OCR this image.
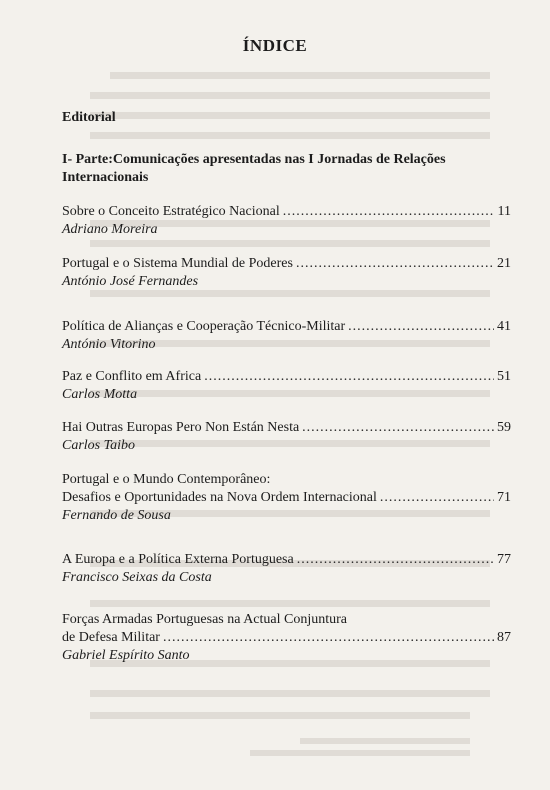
ÍNDICE
Editorial
I- Parte:Comunicações apresentadas nas I Jornadas de Relações Internacionais
Sobre o Conceito Estratégico Nacional .....	11
Adriano Moreira
Portugal e o Sistema Mundial de Poderes .....	21
António José Fernandes
Política de Alianças e Cooperação Técnico-Militar .....	41
António Vitorino
Paz e Conflito em Africa .....	51
Carlos Motta
Hai Outras Europas Pero Non Están Nesta .....	59
Carlos Taibo
Portugal e o Mundo Contemporâneo:
Desafios e Oportunidades na Nova Ordem Internacional .....	71
Fernando de Sousa
A Europa e a Política Externa Portuguesa .....	77
Francisco Seixas da Costa
Forças Armadas Portuguesas na Actual Conjuntura
de Defesa Militar .....	87
Gabriel Espírito Santo
